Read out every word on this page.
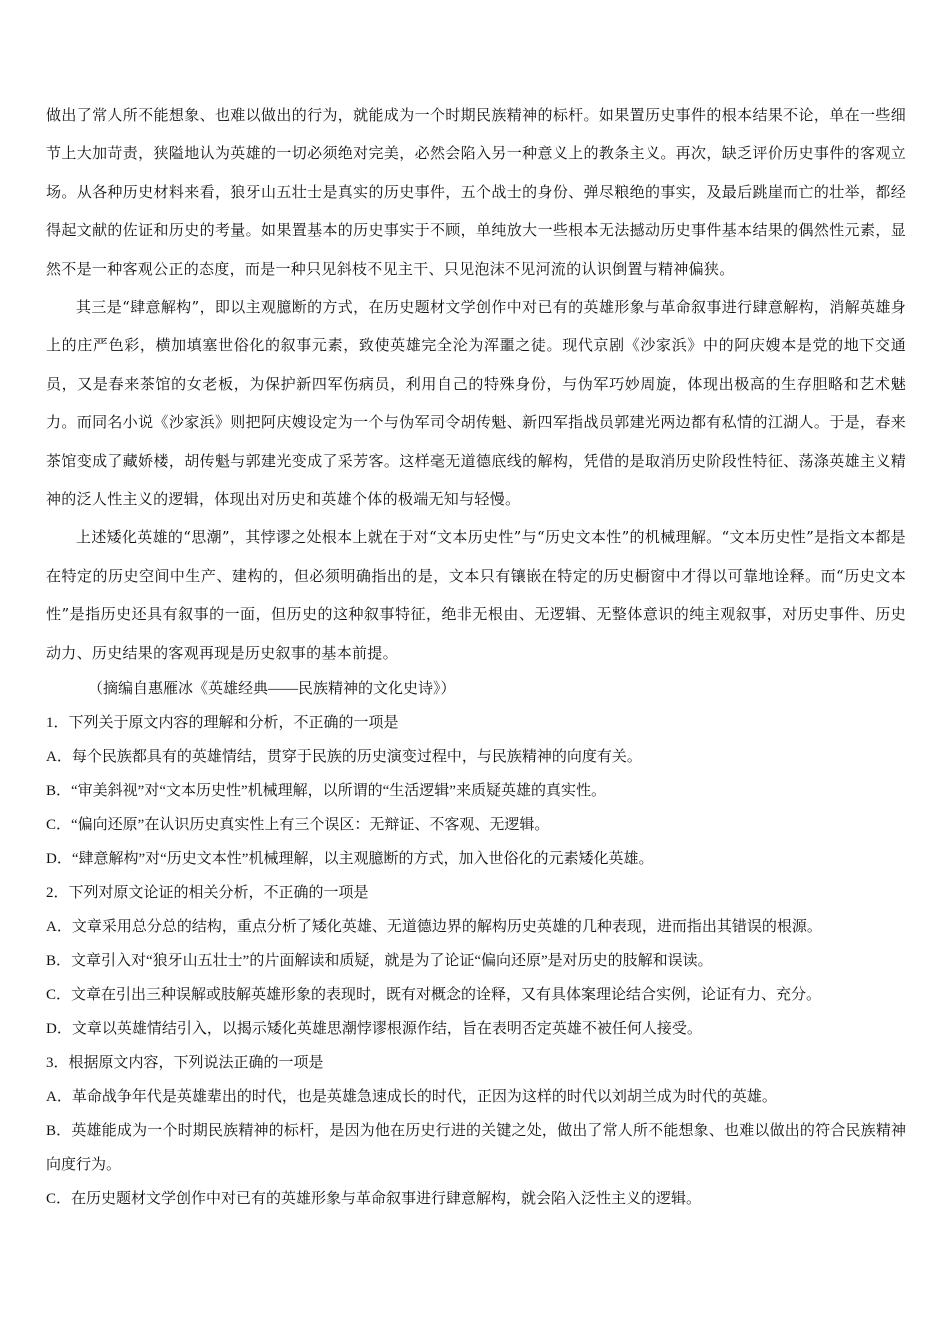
做出了常人所不能想象、也难以做出的行为，就能成为一个时期民族精神的标杆。如果置历史事件的根本结果不论，单在一些细节上大加苛责，狭隘地认为英雄的一切必须绝对完美，必然会陷入另一种意义上的教条主义。再次，缺乏评价历史事件的客观立场。从各种历史材料来看，狼牙山五壮士是真实的历史事件，五个战士的身份、弹尽粮绝的事实，及最后跳崖而亡的壮举，都经得起文献的佐证和历史的考量。如果置基本的历史事实于不顾，单纯放大一些根本无法撼动历史事件基本结果的偶然性元素，显然不是一种客观公正的态度，而是一种只见斜枝不见主干、只见泡沫不见河流的认识倒置与精神偏狭。

其三是“肆意解构”，即以主观臆断的方式，在历史题材文学创作中对已有的英雄形象与革命叙事进行肆意解构，消解英雄身上的庄严色彩，横加填塞世俗化的叙事元素，致使英雄完全沦为浑噩之徒。现代京剧《沙家浜》中的阿庆嫂本是党的地下交通员，又是春来茶馆的女老板，为保护新四军伤病员，利用自己的特殊身份，与伪军巧妙周旋，体现出极高的生存胆略和艺术魅力。而同名小说《沙家浜》则把阿庆嫂设定为一个与伪军司令胡传魁、新四军指战员郭建光两边都有私情的江湖人。于是，春来茶馆变成了藏娇楼，胡传魁与郭建光变成了采芳客。这样毫无道德底线的解构，凭借的是取消历史阶段性特征、荡涤英雄主义精神的泛人性主义的逻辑，体现出对历史和英雄个体的极端无知与轻慢。

上述矮化英雄的“思潮”，其悖谬之处根本上就在于对“文本历史性”与“历史文本性”的机械理解。“文本历史性”是指文本都是在特定的历史空间中生产、建构的，但必须明确指出的是，文本只有镶嵌在特定的历史橱窗中才得以可靠地诠释。而“历史文本性”是指历史还具有叙事的一面，但历史的这种叙事特征，绝非无根由、无逻辑、无整体意识的纯主观叙事，对历史事件、历史动力、历史结果的客观再现是历史叙事的基本前提。

（摘编自惠雁冰《英雄经典——民族精神的文化史诗》）

1．下列关于原文内容的理解和分析，不正确的一项是

A．每个民族都具有的英雄情结，贯穿于民族的历史演变过程中，与民族精神的向度有关。

B．“审美斜视”对“文本历史性”机械理解，以所谓的“生活逻辑”来质疑英雄的真实性。

C．“偏向还原”在认识历史真实性上有三个误区：无辩证、不客观、无逻辑。

D．“肆意解构”对“历史文本性”机械理解，以主观臆断的方式，加入世俗化的元素矮化英雄。

2．下列对原文论证的相关分析，不正确的一项是

A．文章采用总分总的结构，重点分析了矮化英雄、无道德边界的解构历史英雄的几种表现，进而指出其错误的根源。

B．文章引入对“狼牙山五壮士”的片面解读和质疑，就是为了论证“偏向还原”是对历史的肢解和误读。

C．文章在引出三种误解或肢解英雄形象的表现时，既有对概念的诠释，又有具体案理论结合实例，论证有力、充分。

D．文章以英雄情结引入，以揭示矮化英雄思潮悖谬根源作结，旨在表明否定英雄不被任何人接受。

3．根据原文内容，下列说法正确的一项是

A．革命战争年代是英雄辈出的时代，也是英雄急速成长的时代，正因为这样的时代以刘胡兰成为时代的英雄。

B．英雄能成为一个时期民族精神的标杆，是因为他在历史行进的关键之处，做出了常人所不能想象、也难以做出的符合民族精神向度行为。

C．在历史题材文学创作中对已有的英雄形象与革命叙事进行肆意解构，就会陷入泛性主义的逻辑。
